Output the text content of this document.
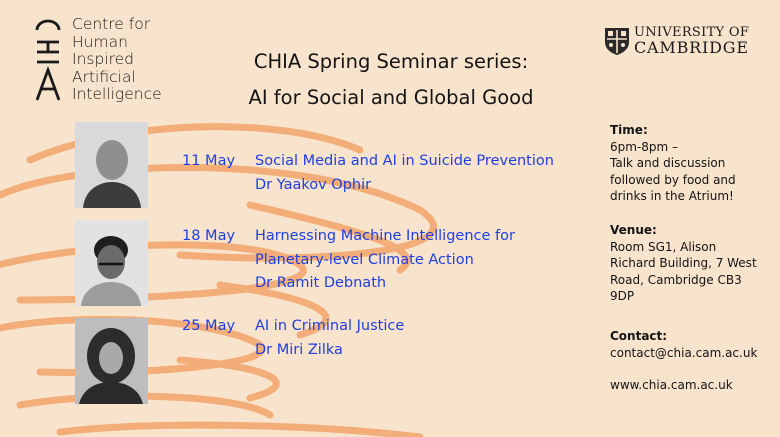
Centre for
Human
Inspired
Artificial
Intelligence
CHIA Spring Seminar series:
AI for Social and Global Good
UNIVERSITY OF
CAMBRIDGE
11 May Social Media and AI in Suicide Prevention
Dr Yaakov Ophir
18 May Harnessing Machine Intelligence for
Planetary-level Climate Action
Dr Ramit Debnath
25 May AI in Criminal Justice
Dr Miri Zilka
Time:
6pm-8pm –
Talk and discussion
followed by food and
drinks in the Atrium!
Venue:
Room SG1, Alison
Richard Building, 7 West
Road, Cambridge CB3
9DP
Contact:
contact@chia.cam.ac.uk
www.chia.cam.ac.uk
